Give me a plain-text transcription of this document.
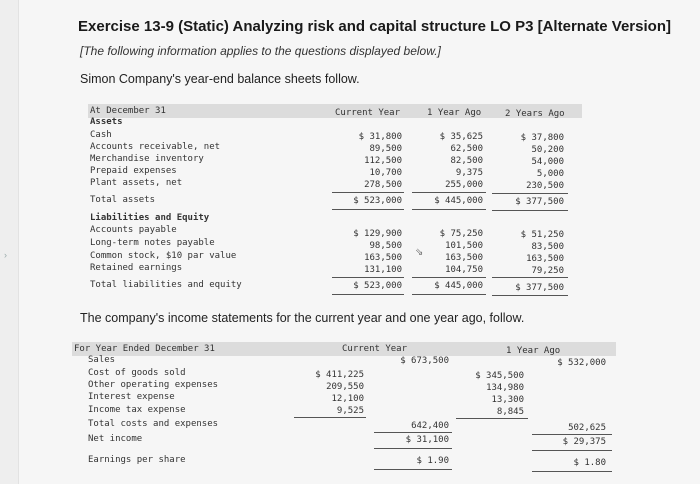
›
Exercise 13-9 (Static) Analyzing risk and capital structure LO P3 [Alternate Version]
[The following information applies to the questions displayed below.]
Simon Company's year-end balance sheets follow.
At December 31	Current Year	1 Year Ago	2 Years Ago
Assets
Cash	$ 31,800	$ 35,625	$ 37,800
Accounts receivable, net	89,500	62,500	50,200
Merchandise inventory	112,500	82,500	54,000
Prepaid expenses	10,700	9,375	5,000
Plant assets, net	278,500	255,000	230,500
Total assets	$ 523,000	$ 445,000	$ 377,500
Liabilities and Equity
Accounts payable	$ 129,900	$ 75,250	$ 51,250
Long-term notes payable	98,500	101,500	83,500
Common stock, $10 par value	163,500	163,500	163,500
Retained earnings	131,100	104,750	79,250
Total liabilities and equity	$ 523,000	$ 445,000	$ 377,500
⇘
The company's income statements for the current year and one year ago, follow.
For Year Ended December 31	Current Year	1 Year Ago
Sales	$ 673,500	$ 532,000
Cost of goods sold	$ 411,225	$ 345,500
Other operating expenses	209,550	134,980
Interest expense	12,100	13,300
Income tax expense	9,525	8,845
Total costs and expenses	642,400	502,625
Net income	$ 31,100	$ 29,375
Earnings per share	$ 1.90	$ 1.80
